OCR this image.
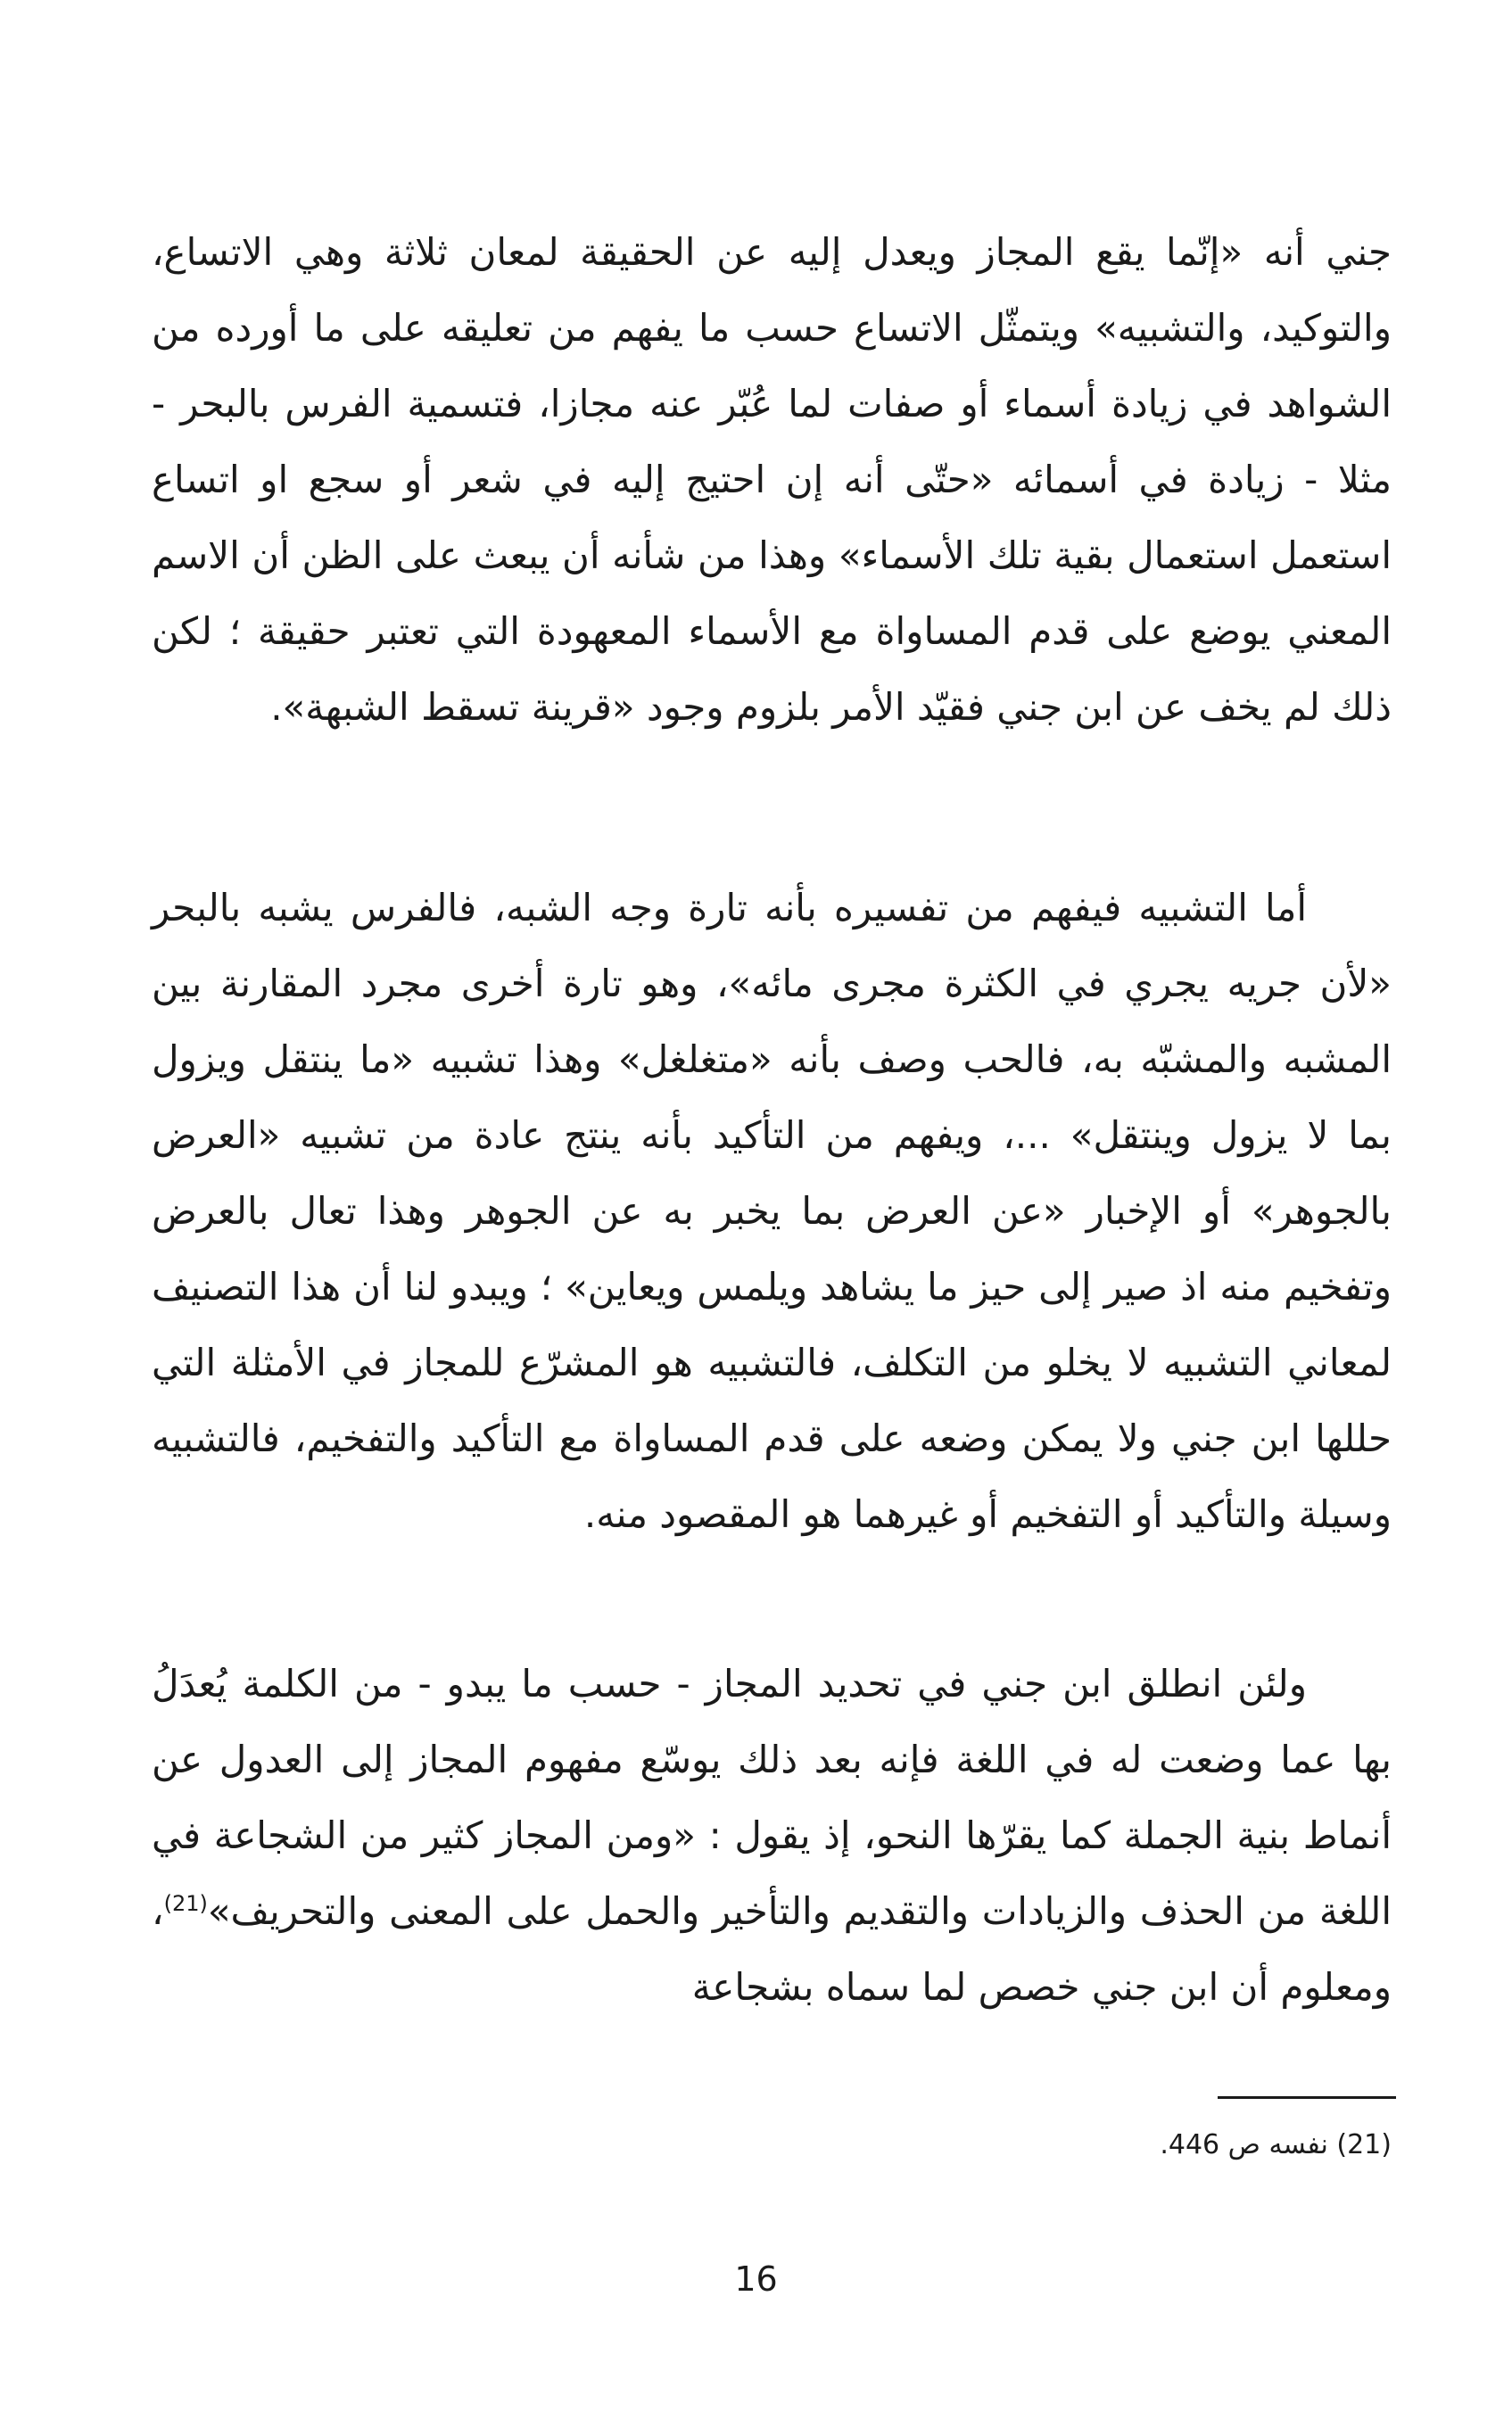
جني أنه «إنّما يقع المجاز ويعدل إليه عن الحقيقة لمعان ثلاثة وهي الاتساع، والتوكيد، والتشبيه» ويتمثّل الاتساع حسب ما يفهم من تعليقه على ما أورده من الشواهد في زيادة أسماء أو صفات لما عُبّر عنه مجازا، فتسمية الفرس بالبحر - مثلا - زيادة في أسمائه «حتّى أنه إن احتيج إليه في شعر أو سجع او اتساع استعمل استعمال بقية تلك الأسماء» وهذا من شأنه أن يبعث على الظن أن الاسم المعني يوضع على قدم المساواة مع الأسماء المعهودة التي تعتبر حقيقة ؛ لكن ذلك لم يخف عن ابن جني فقيّد الأمر بلزوم وجود «قرينة تسقط الشبهة».

أما التشبيه فيفهم من تفسيره بأنه تارة وجه الشبه، فالفرس يشبه بالبحر «لأن جريه يجري في الكثرة مجرى مائه»، وهو تارة أخرى مجرد المقارنة بين المشبه والمشبّه به، فالحب وصف بأنه «متغلغل» وهذا تشبيه «ما ينتقل ويزول بما لا يزول وينتقل» ...، ويفهم من التأكيد بأنه ينتج عادة من تشبيه «العرض بالجوهر» أو الإخبار «عن العرض بما يخبر به عن الجوهر وهذا تعال بالعرض وتفخيم منه اذ صير إلى حيز ما يشاهد ويلمس ويعاين» ؛ ويبدو لنا أن هذا التصنيف لمعاني التشبيه لا يخلو من التكلف، فالتشبيه هو المشرّع للمجاز في الأمثلة التي حللها ابن جني ولا يمكن وضعه على قدم المساواة مع التأكيد والتفخيم، فالتشبيه وسيلة والتأكيد أو التفخيم أو غيرهما هو المقصود منه.

ولئن انطلق ابن جني في تحديد المجاز - حسب ما يبدو - من الكلمة يُعدَلُ بها عما وضعت له في اللغة فإنه بعد ذلك يوسّع مفهوم المجاز إلى العدول عن أنماط بنية الجملة كما يقرّها النحو، إذ يقول : «ومن المجاز كثير من الشجاعة في اللغة من الحذف والزيادات والتقديم والتأخير والحمل على المعنى والتحريف»$^{(21)}$، ومعلوم أن ابن جني خصص لما سماه بشجاعة

(21) نفسه ص 446.
16
